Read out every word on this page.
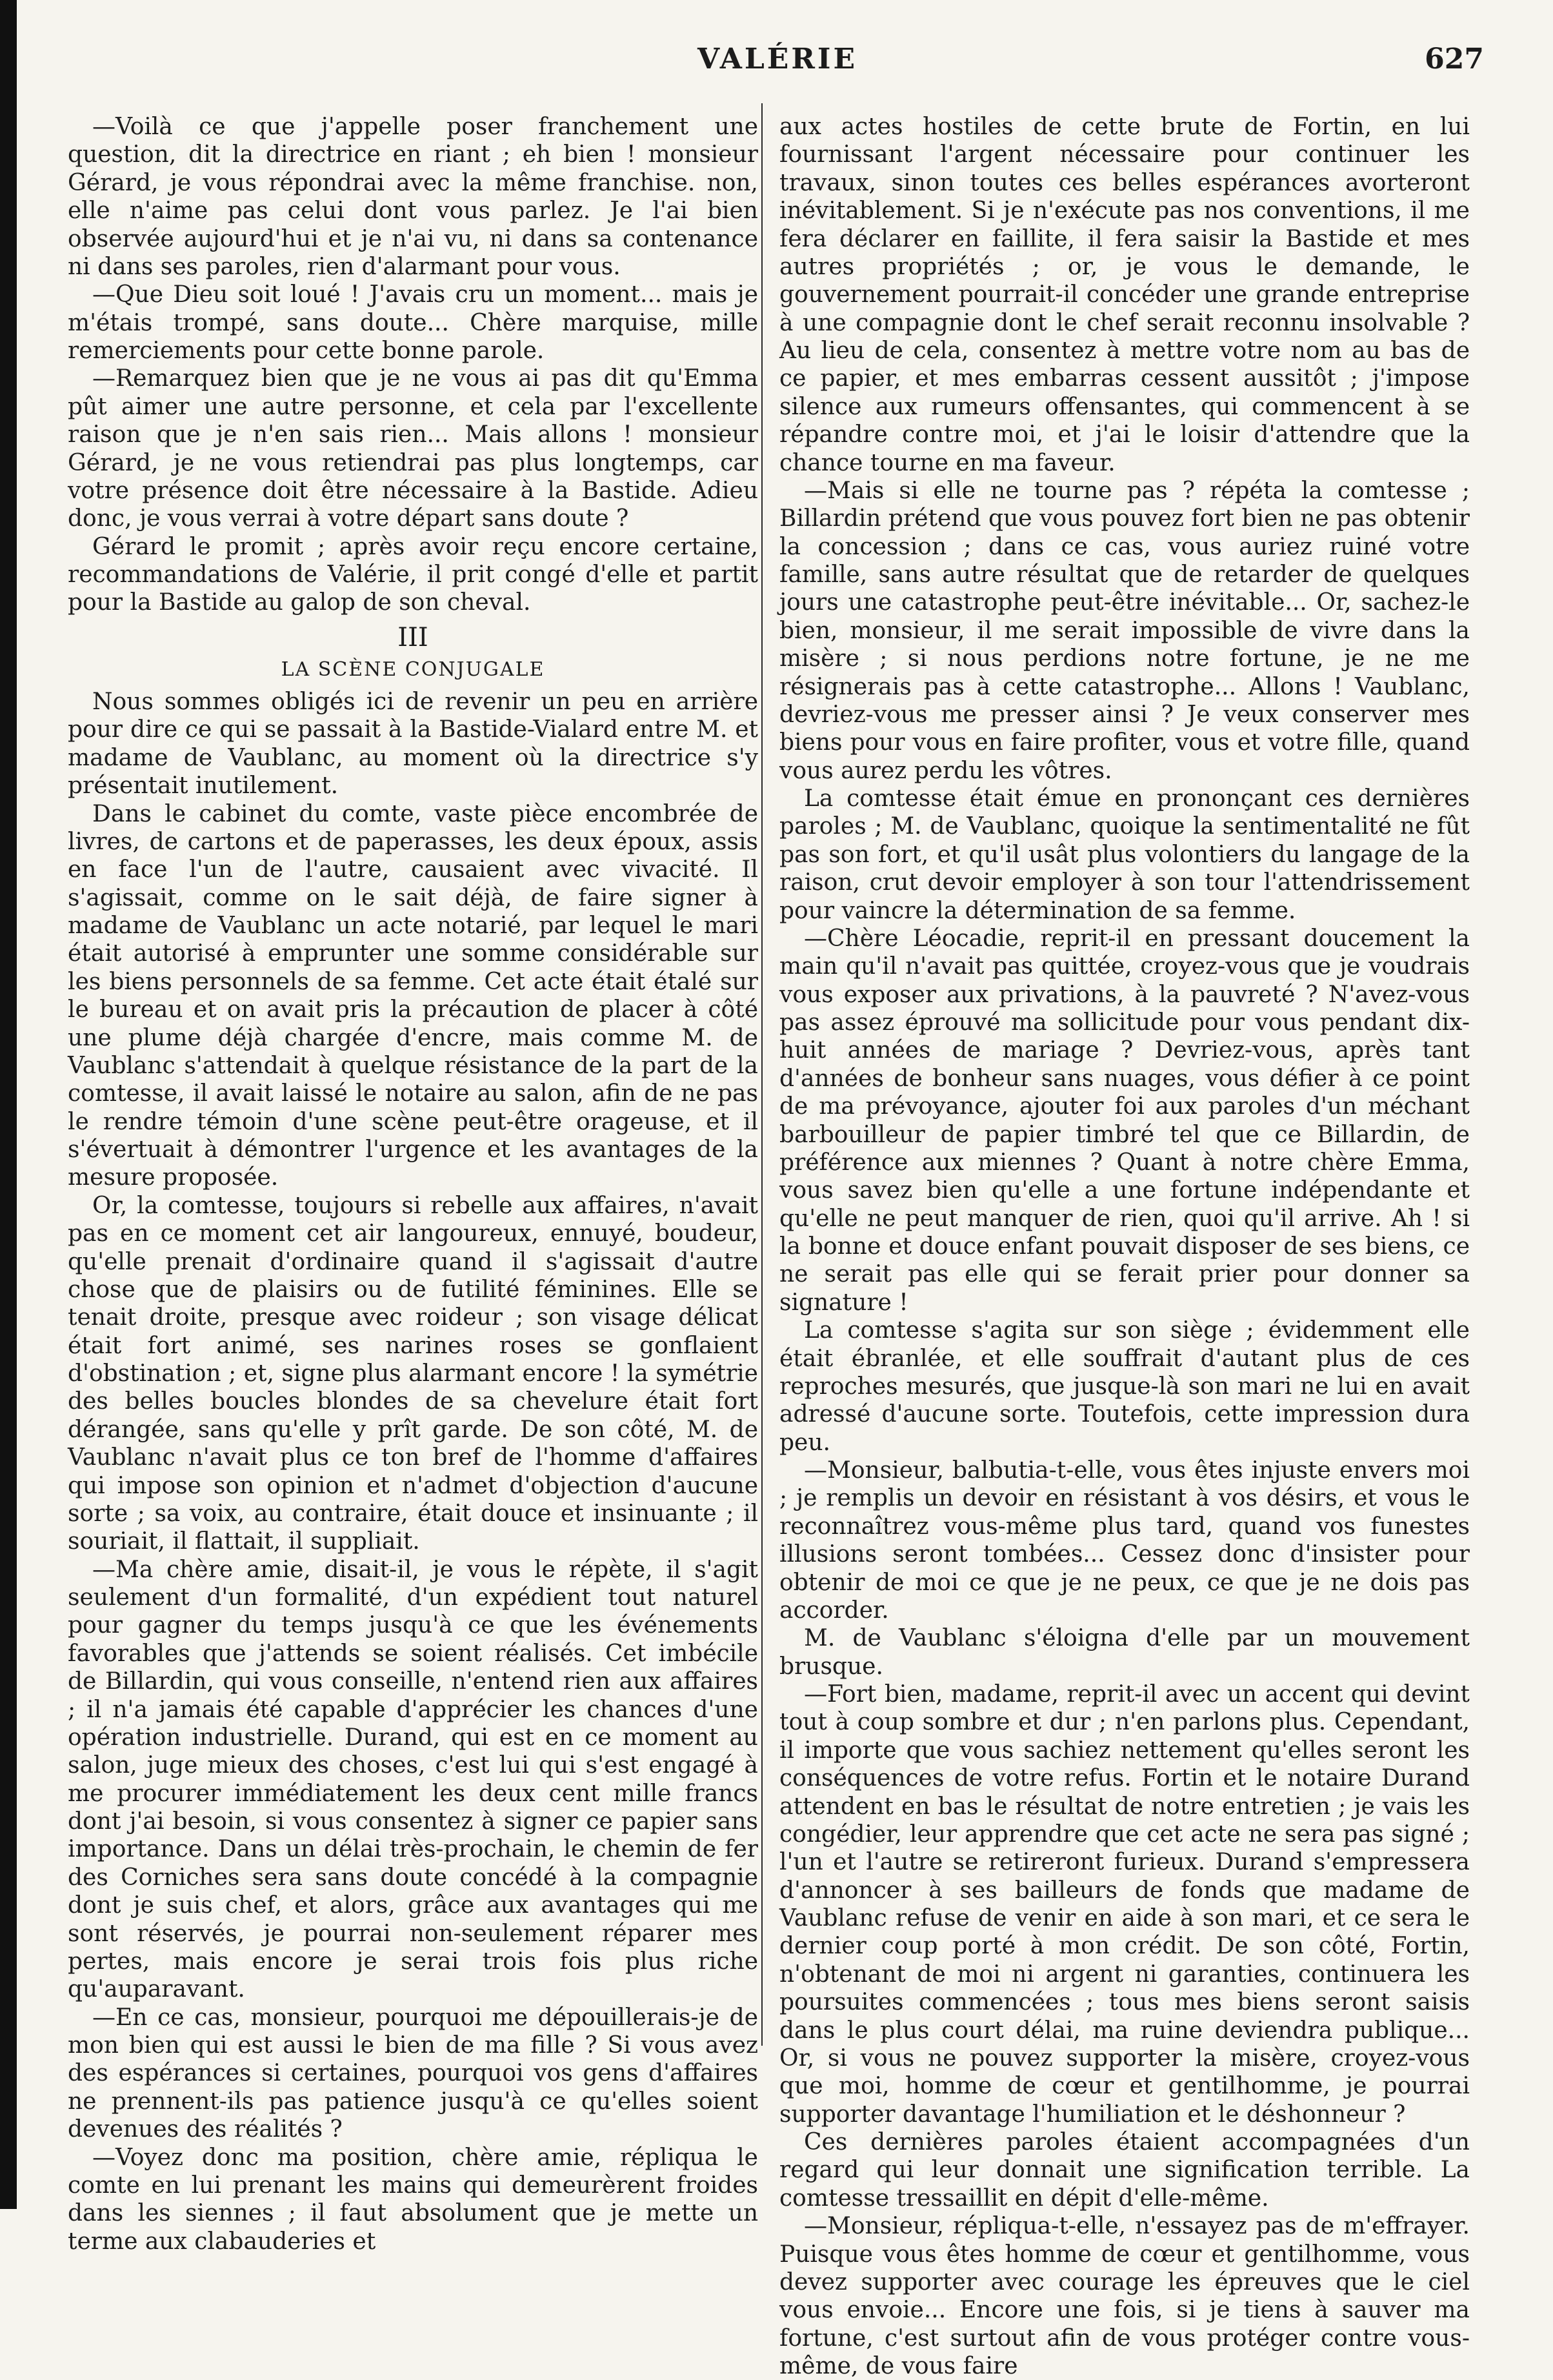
VALÉRIE	627

—Voilà ce que j'appelle poser franchement une question, dit la directrice en riant ; eh bien ! monsieur Gérard, je vous répondrai avec la même franchise. non, elle n'aime pas celui dont vous parlez. Je l'ai bien observée aujourd'hui et je n'ai vu, ni dans sa contenance ni dans ses paroles, rien d'alarmant pour vous.

—Que Dieu soit loué ! J'avais cru un moment... mais je m'étais trompé, sans doute... Chère marquise, mille remerciements pour cette bonne parole.

—Remarquez bien que je ne vous ai pas dit qu'Emma pût aimer une autre personne, et cela par l'excellente raison que je n'en sais rien... Mais allons ! monsieur Gérard, je ne vous retiendrai pas plus longtemps, car votre présence doit être nécessaire à la Bastide. Adieu donc, je vous verrai à votre départ sans doute ?

Gérard le promit ; après avoir reçu encore certaine, recommandations de Valérie, il prit congé d'elle et partit pour la Bastide au galop de son cheval.

III
LA SCÈNE CONJUGALE

Nous sommes obligés ici de revenir un peu en arrière pour dire ce qui se passait à la Bastide-Vialard entre M. et madame de Vaublanc, au moment où la directrice s'y présentait inutilement.

Dans le cabinet du comte, vaste pièce encombrée de livres, de cartons et de paperasses, les deux époux, assis en face l'un de l'autre, causaient avec vivacité. Il s'agissait, comme on le sait déjà, de faire signer à madame de Vaublanc un acte notarié, par lequel le mari était autorisé à emprunter une somme considérable sur les biens personnels de sa femme. Cet acte était étalé sur le bureau et on avait pris la précaution de placer à côté une plume déjà chargée d'encre, mais comme M. de Vaublanc s'attendait à quelque résistance de la part de la comtesse, il avait laissé le notaire au salon, afin de ne pas le rendre témoin d'une scène peut-être orageuse, et il s'évertuait à démontrer l'urgence et les avantages de la mesure proposée.

Or, la comtesse, toujours si rebelle aux affaires, n'avait pas en ce moment cet air langoureux, ennuyé, boudeur, qu'elle prenait d'ordinaire quand il s'agissait d'autre chose que de plaisirs ou de futilité féminines. Elle se tenait droite, presque avec roideur ; son visage délicat était fort animé, ses narines roses se gonflaient d'obstination ; et, signe plus alarmant encore ! la symétrie des belles boucles blondes de sa chevelure était fort dérangée, sans qu'elle y prît garde. De son côté, M. de Vaublanc n'avait plus ce ton bref de l'homme d'affaires qui impose son opinion et n'admet d'objection d'aucune sorte ; sa voix, au contraire, était douce et insinuante ; il souriait, il flattait, il suppliait.

—Ma chère amie, disait-il, je vous le répète, il s'agit seulement d'un formalité, d'un expédient tout naturel pour gagner du temps jusqu'à ce que les événements favorables que j'attends se soient réalisés. Cet imbécile de Billardin, qui vous conseille, n'entend rien aux affaires ; il n'a jamais été capable d'apprécier les chances d'une opération industrielle. Durand, qui est en ce moment au salon, juge mieux des choses, c'est lui qui s'est engagé à me procurer immédiatement les deux cent mille francs dont j'ai besoin, si vous consentez à signer ce papier sans importance. Dans un délai très-prochain, le chemin de fer des Corniches sera sans doute concédé à la compagnie dont je suis chef, et alors, grâce aux avantages qui me sont réservés, je pourrai non-seulement réparer mes pertes, mais encore je serai trois fois plus riche qu'auparavant.

—En ce cas, monsieur, pourquoi me dépouillerais-je de mon bien qui est aussi le bien de ma fille ? Si vous avez des espérances si certaines, pourquoi vos gens d'affaires ne prennent-ils pas patience jusqu'à ce qu'elles soient devenues des réalités ?

—Voyez donc ma position, chère amie, répliqua le comte en lui prenant les mains qui demeurèrent froides dans les siennes ; il faut absolument que je mette un terme aux clabauderies et

aux actes hostiles de cette brute de Fortin, en lui fournissant l'argent nécessaire pour continuer les travaux, sinon toutes ces belles espérances avorteront inévitablement. Si je n'exécute pas nos conventions, il me fera déclarer en faillite, il fera saisir la Bastide et mes autres propriétés ; or, je vous le demande, le gouvernement pourrait-il concéder une grande entreprise à une compagnie dont le chef serait reconnu insolvable ? Au lieu de cela, consentez à mettre votre nom au bas de ce papier, et mes embarras cessent aussitôt ; j'impose silence aux rumeurs offensantes, qui commencent à se répandre contre moi, et j'ai le loisir d'attendre que la chance tourne en ma faveur.

—Mais si elle ne tourne pas ? répéta la comtesse ; Billardin prétend que vous pouvez fort bien ne pas obtenir la concession ; dans ce cas, vous auriez ruiné votre famille, sans autre résultat que de retarder de quelques jours une catastrophe peut-être inévitable... Or, sachez-le bien, monsieur, il me serait impossible de vivre dans la misère ; si nous perdions notre fortune, je ne me résignerais pas à cette catastrophe... Allons ! Vaublanc, devriez-vous me presser ainsi ? Je veux conserver mes biens pour vous en faire profiter, vous et votre fille, quand vous aurez perdu les vôtres.

La comtesse était émue en prononçant ces dernières paroles ; M. de Vaublanc, quoique la sentimentalité ne fût pas son fort, et qu'il usât plus volontiers du langage de la raison, crut devoir employer à son tour l'attendrissement pour vaincre la détermination de sa femme.

—Chère Léocadie, reprit-il en pressant doucement la main qu'il n'avait pas quittée, croyez-vous que je voudrais vous exposer aux privations, à la pauvreté ? N'avez-vous pas assez éprouvé ma sollicitude pour vous pendant dix-huit années de mariage ? Devriez-vous, après tant d'années de bonheur sans nuages, vous défier à ce point de ma prévoyance, ajouter foi aux paroles d'un méchant barbouilleur de papier timbré tel que ce Billardin, de préférence aux miennes ? Quant à notre chère Emma, vous savez bien qu'elle a une fortune indépendante et qu'elle ne peut manquer de rien, quoi qu'il arrive. Ah ! si la bonne et douce enfant pouvait disposer de ses biens, ce ne serait pas elle qui se ferait prier pour donner sa signature !

La comtesse s'agita sur son siège ; évidemment elle était ébranlée, et elle souffrait d'autant plus de ces reproches mesurés, que jusque-là son mari ne lui en avait adressé d'aucune sorte. Toutefois, cette impression dura peu.

—Monsieur, balbutia-t-elle, vous êtes injuste envers moi ; je remplis un devoir en résistant à vos désirs, et vous le reconnaîtrez vous-même plus tard, quand vos funestes illusions seront tombées... Cessez donc d'insister pour obtenir de moi ce que je ne peux, ce que je ne dois pas accorder.

M. de Vaublanc s'éloigna d'elle par un mouvement brusque.

—Fort bien, madame, reprit-il avec un accent qui devint tout à coup sombre et dur ; n'en parlons plus. Cependant, il importe que vous sachiez nettement qu'elles seront les conséquences de votre refus. Fortin et le notaire Durand attendent en bas le résultat de notre entretien ; je vais les congédier, leur apprendre que cet acte ne sera pas signé ; l'un et l'autre se retireront furieux. Durand s'empressera d'annoncer à ses bailleurs de fonds que madame de Vaublanc refuse de venir en aide à son mari, et ce sera le dernier coup porté à mon crédit. De son côté, Fortin, n'obtenant de moi ni argent ni garanties, continuera les poursuites commencées ; tous mes biens seront saisis dans le plus court délai, ma ruine deviendra publique... Or, si vous ne pouvez supporter la misère, croyez-vous que moi, homme de cœur et gentilhomme, je pourrai supporter davantage l'humiliation et le déshonneur ?

Ces dernières paroles étaient accompagnées d'un regard qui leur donnait une signification terrible. La comtesse tressaillit en dépit d'elle-même.

—Monsieur, répliqua-t-elle, n'essayez pas de m'effrayer. Puisque vous êtes homme de cœur et gentilhomme, vous devez supporter avec courage les épreuves que le ciel vous envoie... Encore une fois, si je tiens à sauver ma fortune, c'est surtout afin de vous protéger contre vous-même, de vous faire
